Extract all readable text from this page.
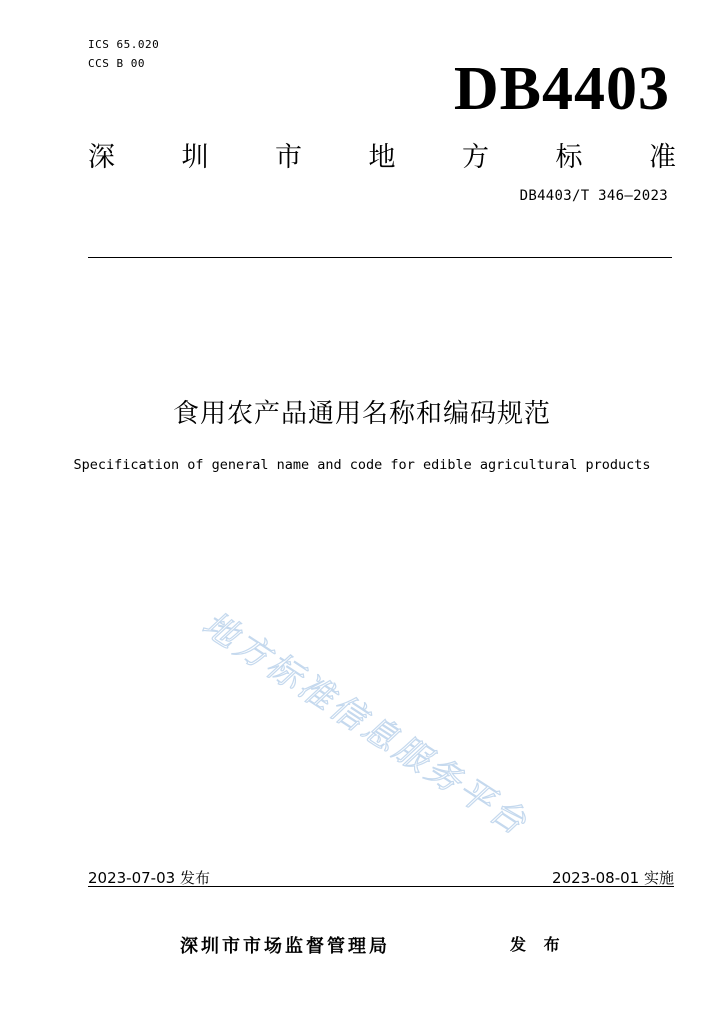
ICS 65.020
CCS B 00	DB4403
深 圳 市 地 方 标 准
DB4403/T 346—2023
食用农产品通用名称和编码规范
Specification of general name and code for edible agricultural products
地方标准信息服务平台
2023-07-03 发布	2023-08-01 实施
深圳市市场监督管理局	发 布
